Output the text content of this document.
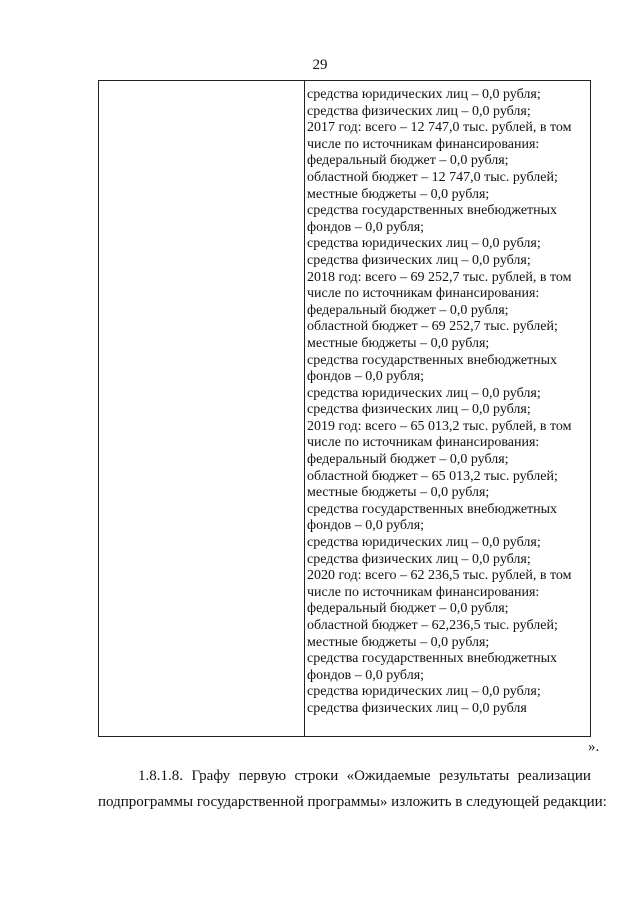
29
средства юридических лиц – 0,0 рубля;
средства физических лиц – 0,0 рубля;
2017 год: всего – 12 747,0 тыс. рублей, в том
числе по источникам финансирования:
федеральный бюджет – 0,0 рубля;
областной бюджет – 12 747,0 тыс. рублей;
местные бюджеты – 0,0 рубля;
средства государственных внебюджетных
фондов – 0,0 рубля;
средства юридических лиц – 0,0 рубля;
средства физических лиц – 0,0 рубля;
2018 год: всего – 69 252,7 тыс. рублей, в том
числе по источникам финансирования:
федеральный бюджет – 0,0 рубля;
областной бюджет – 69 252,7 тыс. рублей;
местные бюджеты – 0,0 рубля;
средства государственных внебюджетных
фондов – 0,0 рубля;
средства юридических лиц – 0,0 рубля;
средства физических лиц – 0,0 рубля;
2019 год: всего – 65 013,2 тыс. рублей, в том
числе по источникам финансирования:
федеральный бюджет – 0,0 рубля;
областной бюджет – 65 013,2 тыс. рублей;
местные бюджеты – 0,0 рубля;
средства государственных внебюджетных
фондов – 0,0 рубля;
средства юридических лиц – 0,0 рубля;
средства физических лиц – 0,0 рубля;
2020 год: всего – 62 236,5 тыс. рублей, в том
числе по источникам финансирования:
федеральный бюджет – 0,0 рубля;
областной бюджет – 62,236,5 тыс. рублей;
местные бюджеты – 0,0 рубля;
средства государственных внебюджетных
фондов – 0,0 рубля;
средства юридических лиц – 0,0 рубля;
средства физических лиц – 0,0 рубля
».
1.8.1.8. Графу первую строки «Ожидаемые результаты реализации
подпрограммы государственной программы» изложить в следующей редакции:
